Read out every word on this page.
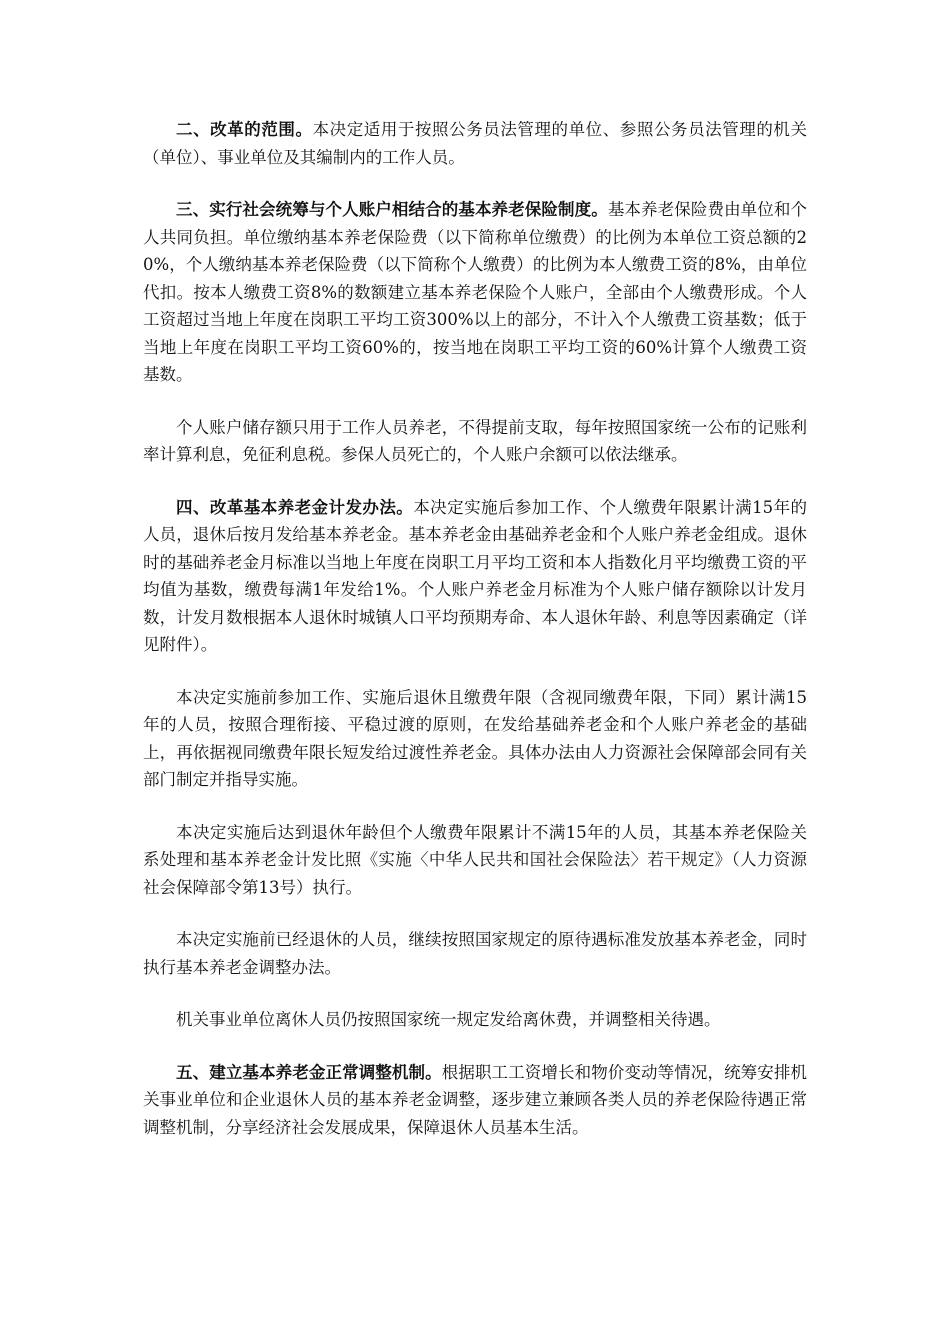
二、改革的范围。本决定适用于按照公务员法管理的单位、参照公务员法管理的机关（单位）、事业单位及其编制内的工作人员。

三、实行社会统筹与个人账户相结合的基本养老保险制度。基本养老保险费由单位和个人共同负担。单位缴纳基本养老保险费（以下简称单位缴费）的比例为本单位工资总额的20%，个人缴纳基本养老保险费（以下简称个人缴费）的比例为本人缴费工资的8%，由单位代扣。按本人缴费工资8%的数额建立基本养老保险个人账户，全部由个人缴费形成。个人工资超过当地上年度在岗职工平均工资300%以上的部分，不计入个人缴费工资基数；低于当地上年度在岗职工平均工资60%的，按当地在岗职工平均工资的60%计算个人缴费工资基数。

个人账户储存额只用于工作人员养老，不得提前支取，每年按照国家统一公布的记账利率计算利息，免征利息税。参保人员死亡的，个人账户余额可以依法继承。

四、改革基本养老金计发办法。本决定实施后参加工作、个人缴费年限累计满15年的人员，退休后按月发给基本养老金。基本养老金由基础养老金和个人账户养老金组成。退休时的基础养老金月标准以当地上年度在岗职工月平均工资和本人指数化月平均缴费工资的平均值为基数，缴费每满1年发给1%。个人账户养老金月标准为个人账户储存额除以计发月数，计发月数根据本人退休时城镇人口平均预期寿命、本人退休年龄、利息等因素确定（详见附件）。

本决定实施前参加工作、实施后退休且缴费年限（含视同缴费年限，下同）累计满15年的人员，按照合理衔接、平稳过渡的原则，在发给基础养老金和个人账户养老金的基础上，再依据视同缴费年限长短发给过渡性养老金。具体办法由人力资源社会保障部会同有关部门制定并指导实施。

本决定实施后达到退休年龄但个人缴费年限累计不满15年的人员，其基本养老保险关系处理和基本养老金计发比照《实施〈中华人民共和国社会保险法〉若干规定》（人力资源社会保障部令第13号）执行。

本决定实施前已经退休的人员，继续按照国家规定的原待遇标准发放基本养老金，同时执行基本养老金调整办法。

机关事业单位离休人员仍按照国家统一规定发给离休费，并调整相关待遇。

五、建立基本养老金正常调整机制。根据职工工资增长和物价变动等情况，统筹安排机关事业单位和企业退休人员的基本养老金调整，逐步建立兼顾各类人员的养老保险待遇正常调整机制，分享经济社会发展成果，保障退休人员基本生活。
